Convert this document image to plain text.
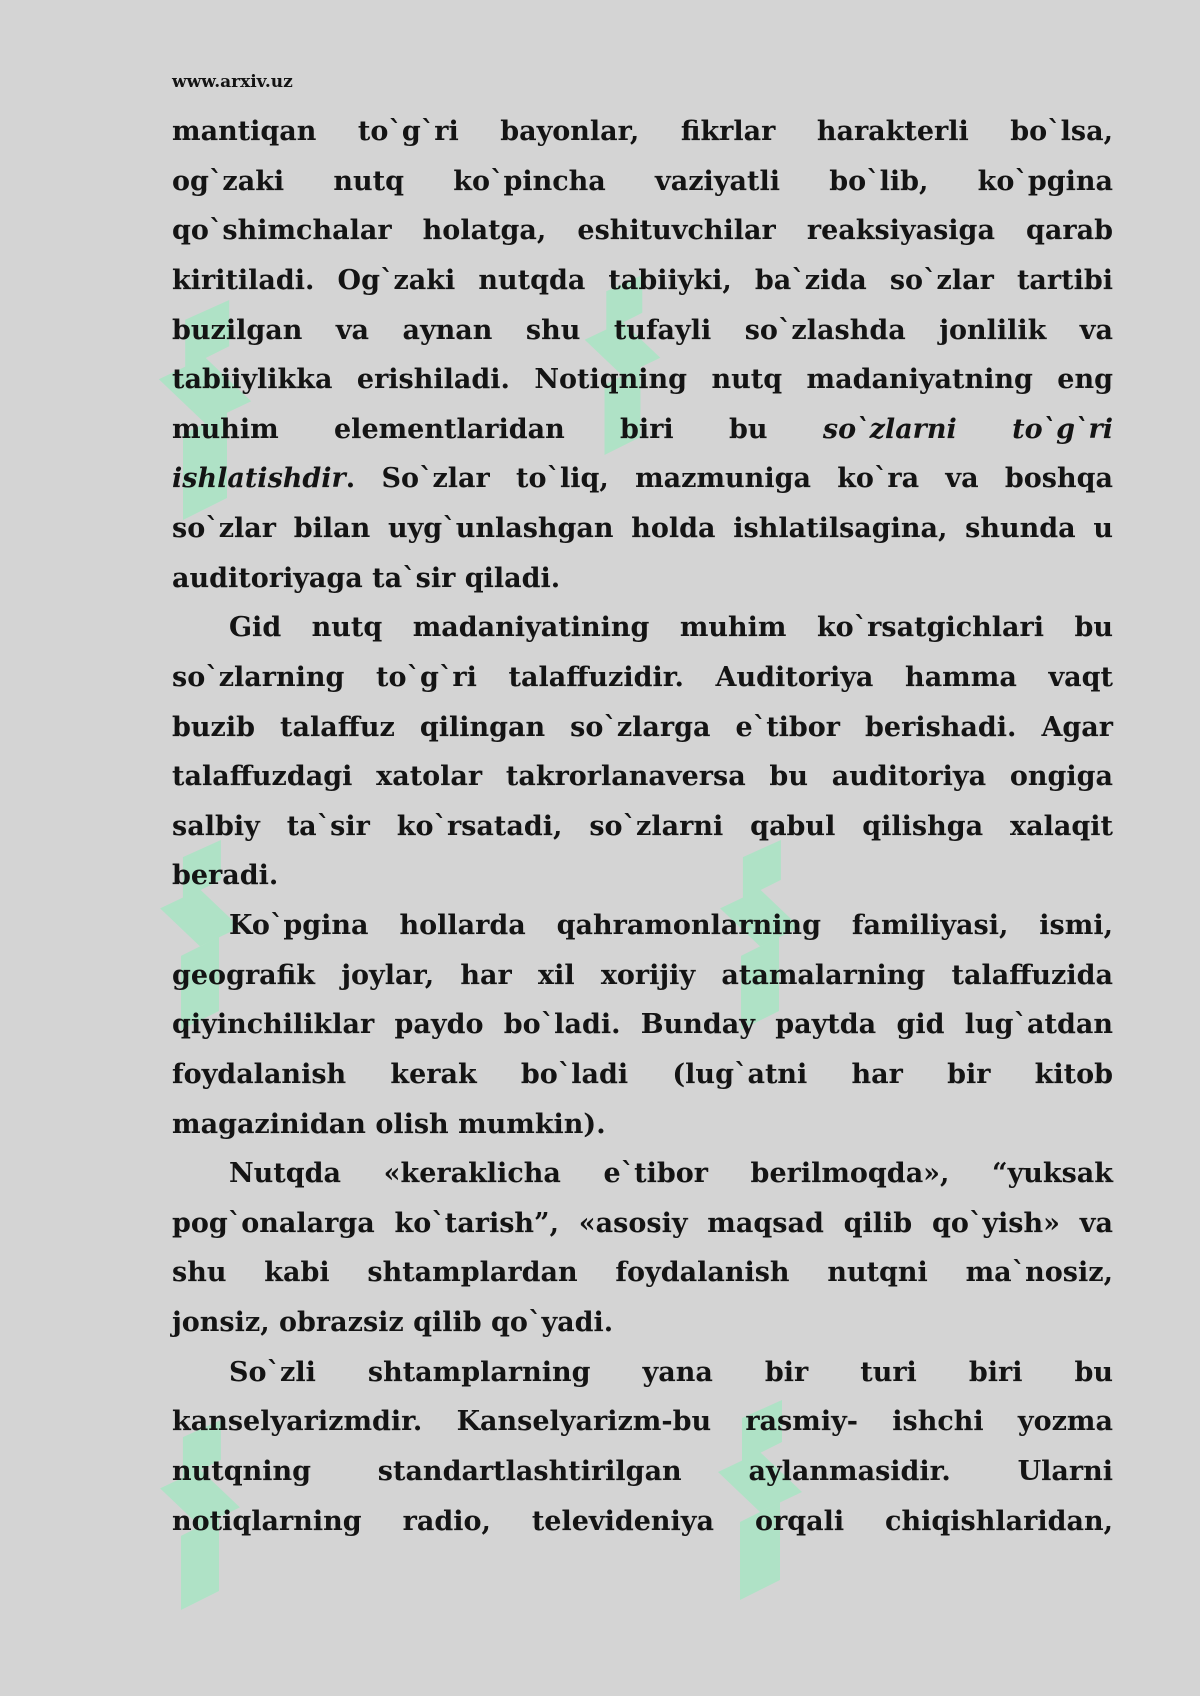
www.arxiv.uz
mantiqan to`g`ri bayonlar, fikrlar harakterli bo`lsa,
og`zaki nutq ko`pincha vaziyatli bo`lib, ko`pgina
qo`shimchalar holatga, eshituvchilar reaksiyasiga qarab
kiritiladi. Og`zaki nutqda tabiiyki, ba`zida so`zlar tartibi
buzilgan va aynan shu tufayli so`zlashda jonlilik va
tabiiylikka erishiladi. Notiqning nutq madaniyatning eng
muhim elementlaridan biri bu so`zlarni to`g`ri
ishlatishdir. So`zlar to`liq, mazmuniga ko`ra va boshqa
so`zlar bilan uyg`unlashgan holda ishlatilsagina, shunda u
auditoriyaga ta`sir qiladi.
Gid nutq madaniyatining muhim ko`rsatgichlari bu
so`zlarning to`g`ri talaffuzidir. Auditoriya hamma vaqt
buzib talaffuz qilingan so`zlarga e`tibor berishadi. Agar
talaffuzdagi xatolar takrorlanaversa bu auditoriya ongiga
salbiy ta`sir ko`rsatadi, so`zlarni qabul qilishga xalaqit
beradi.
Ko`pgina hollarda qahramonlarning familiyasi, ismi,
geografik joylar, har xil xorijiy atamalarning talaffuzida
qiyinchiliklar paydo bo`ladi. Bunday paytda gid lug`atdan
foydalanish kerak bo`ladi (lug`atni har bir kitob
magazinidan olish mumkin).
Nutqda «keraklicha e`tibor berilmoqda», “yuksak
pog`onalarga ko`tarish”, «asosiy maqsad qilib qo`yish» va
shu kabi shtamplardan foydalanish nutqni ma`nosiz,
jonsiz, obrazsiz qilib qo`yadi.
So`zli shtamplarning yana bir turi biri bu
kanselyarizmdir. Kanselyarizm-bu rasmiy- ishchi yozma
nutqning standartlashtirilgan aylanmasidir. Ularni
notiqlarning radio, televideniya orqali chiqishlaridan,
